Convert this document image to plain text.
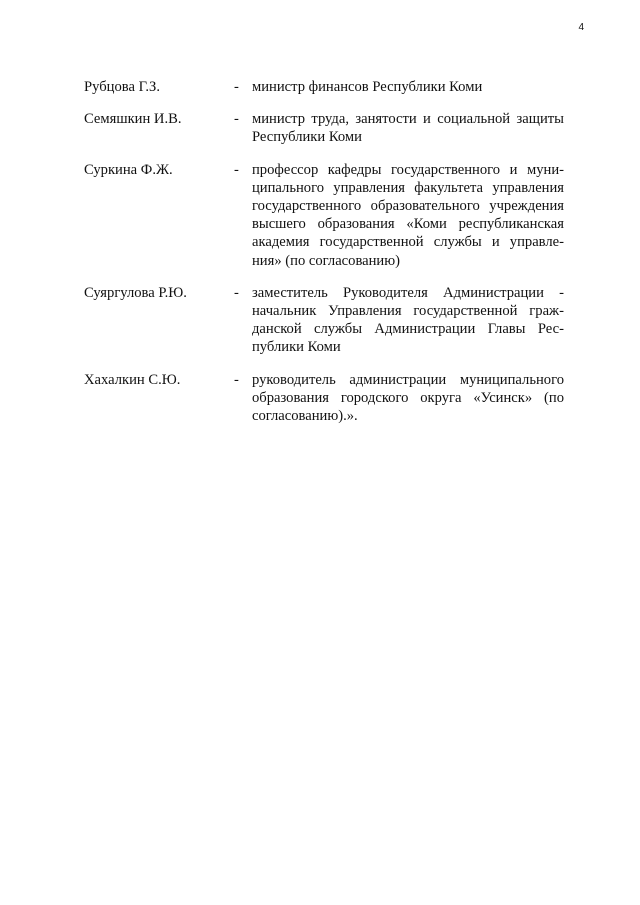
4
Рубцова Г.З.	- министр финансов Республики Коми
Семяшкин И.В.	- министр труда, занятости и социальной защиты
Республики Коми
Суркина Ф.Ж.	- профессор кафедры государственного и муни-
ципального управления факультета управления
государственного образовательного учреждения
высшего образования «Коми республиканская
академия государственной службы и управле-
ния» (по согласованию)
Суяргулова Р.Ю.	- заместитель Руководителя Администрации -
начальник Управления государственной граж-
данской службы Администрации Главы Рес-
публики Коми
Хахалкин С.Ю.	- руководитель администрации муниципального
образования городского округа «Усинск» (по
согласованию).».
